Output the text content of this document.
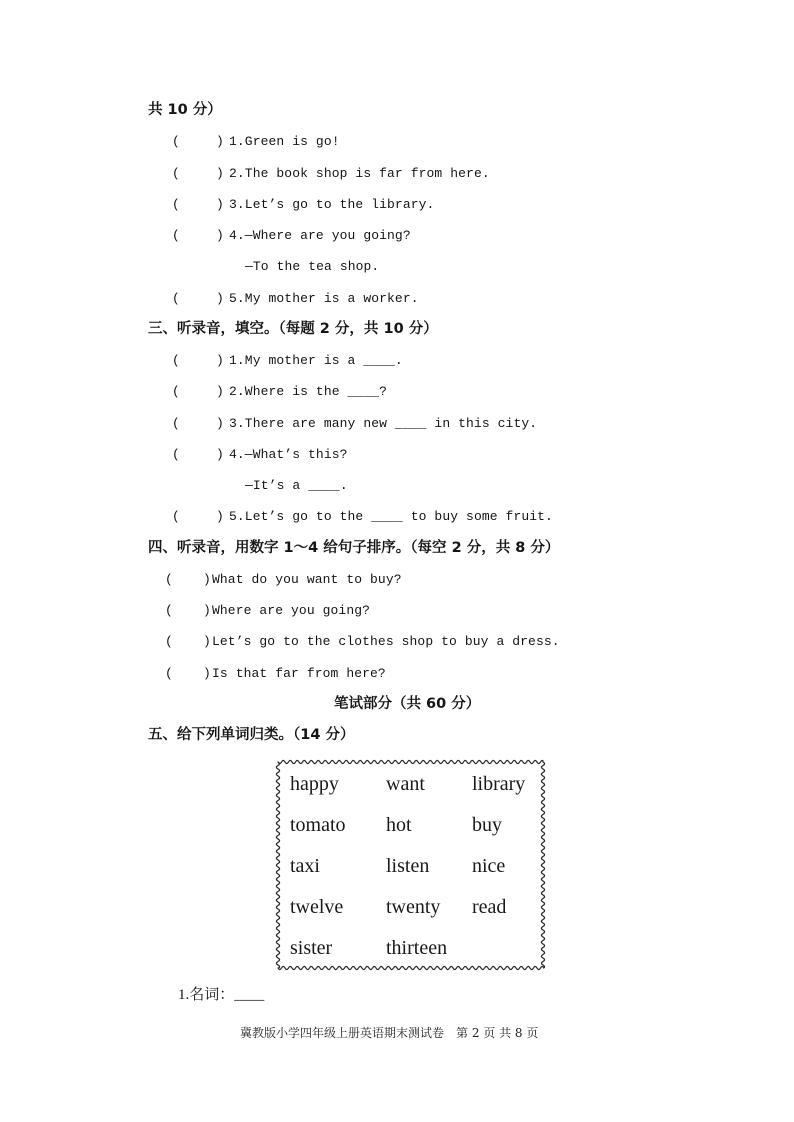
共 10 分）
(	) 1.Green is go!
(	) 2.The book shop is far from here.
(	) 3.Let’s go to the library.
(	) 4.—Where are you going?
—To the tea shop.
(	) 5.My mother is a worker.
三、听录音，填空。（每题 2 分，共 10 分）
(	) 1.My mother is a ____.
(	) 2.Where is the ____?
(	) 3.There are many new ____ in this city.
(	) 4.—What’s this?
—It’s a ____.
(	) 5.Let’s go to the ____ to buy some fruit.
四、听录音，用数字 1～4 给句子排序。（每空 2 分，共 8 分）
( ) What do you want to buy?
( ) Where are you going?
( ) Let’s go to the clothes shop to buy a dress.
( ) Is that far from here?
笔试部分（共 60 分）
五、给下列单词归类。（14 分）
happy	want	library
tomato	hot	buy
taxi	listen	nice
twelve	twenty	read
sister	thirteen
1.名词：____
冀教版小学四年级上册英语期末测试卷 第 2 页 共 8 页
